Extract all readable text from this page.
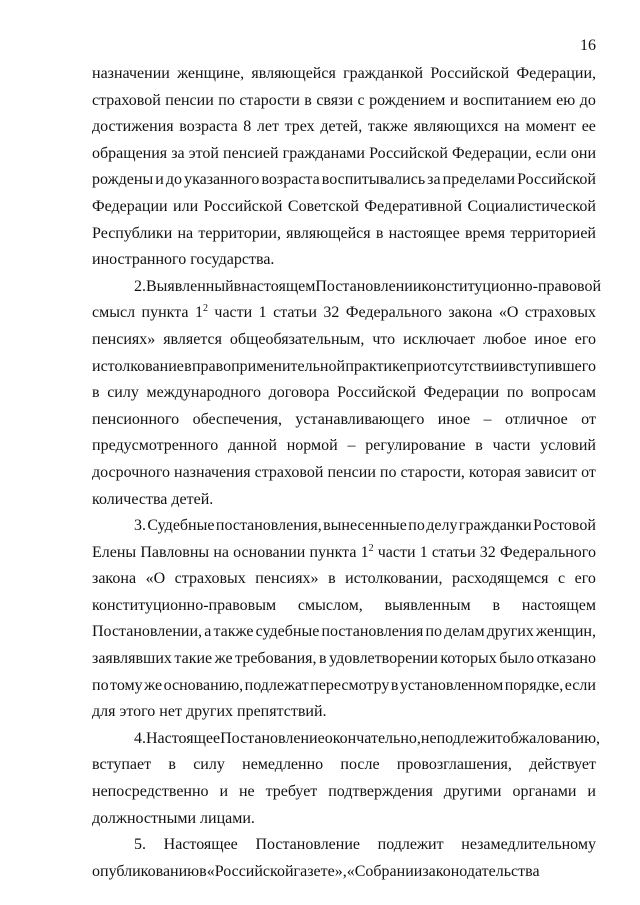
16
назначении женщине, являющейся гражданкой Российской Федерации,
страховой пенсии по старости в связи с рождением и воспитанием ею до
достижения возраста 8 лет трех детей, также являющихся на момент ее
обращения за этой пенсией гражданами Российской Федерации, если они
рождены и до указанного возраста воспитывались за пределами Российской
Федерации или Российской Советской Федеративной Социалистической
Республики на территории, являющейся в настоящее время территорией
иностранного государства.
2. Выявленный в настоящем Постановлении конституционно-правовой
смысл пункта $1^2$ части 1 статьи 32 Федерального закона «О страховых
пенсиях» является общеобязательным, что исключает любое иное его
истолкование в правоприменительной практике при отсутствии вступившего
в силу международного договора Российской Федерации по вопросам
пенсионного обеспечения, устанавливающего иное – отличное от
предусмотренного данной нормой – регулирование в части условий
досрочного назначения страховой пенсии по старости, которая зависит от
количества детей.
3. Судебные постановления, вынесенные по делу гражданки Ростовой
Елены Павловны на основании пункта $1^2$ части 1 статьи 32 Федерального
закона «О страховых пенсиях» в истолковании, расходящемся с его
конституционно-правовым смыслом, выявленным в настоящем
Постановлении, а также судебные постановления по делам других женщин,
заявлявших такие же требования, в удовлетворении которых было отказано
по тому же основанию, подлежат пересмотру в установленном порядке, если
для этого нет других препятствий.
4. Настоящее Постановление окончательно, не подлежит обжалованию,
вступает в силу немедленно после провозглашения, действует
непосредственно и не требует подтверждения другими органами и
должностными лицами.
5. Настоящее Постановление подлежит незамедлительному
опубликованию в «Российской газете», «Собрании законодательства
